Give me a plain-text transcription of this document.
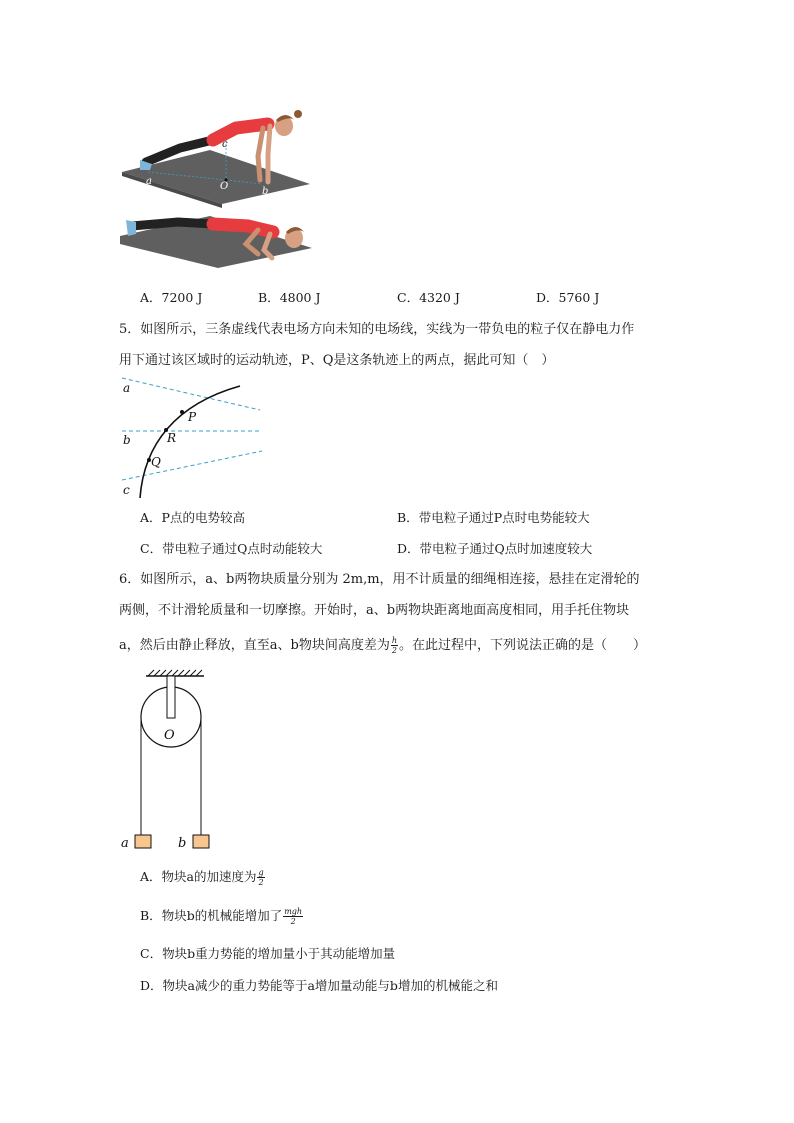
a	O	b
c
A．7200 J	B．4800 J	C．4320 J	D．5760 J
5．如图所示，三条虚线代表电场方向未知的电场线，实线为一带负电的粒子仅在静电力作
用下通过该区域时的运动轨迹，P、Q是这条轨迹上的两点，据此可知（　）
a
b
c
P
R
Q
A．P点的电势较高	B．带电粒子通过P点时电势能较大
C．带电粒子通过Q点时动能较大	D．带电粒子通过Q点时加速度较大
6．如图所示，a、b两物块质量分别为 2m,m，用不计质量的细绳相连接，悬挂在定滑轮的
两侧，不计滑轮质量和一切摩擦。开始时，a、b两物块距离地面高度相同，用手托住物块
a，然后由静止释放，直至a、b物块间高度差为 $\frac{h}{2}$ 。在此过程中，下列说法正确的是（　　）
O
a	b
A．物块a的加速度为 $\frac{g}{2}$
B．物块b的机械能增加了 $\frac{\text{mgh}}{2}$
C．物块b重力势能的增加量小于其动能增加量
D．物块a减少的重力势能等于a增加量动能与b增加的机械能之和
